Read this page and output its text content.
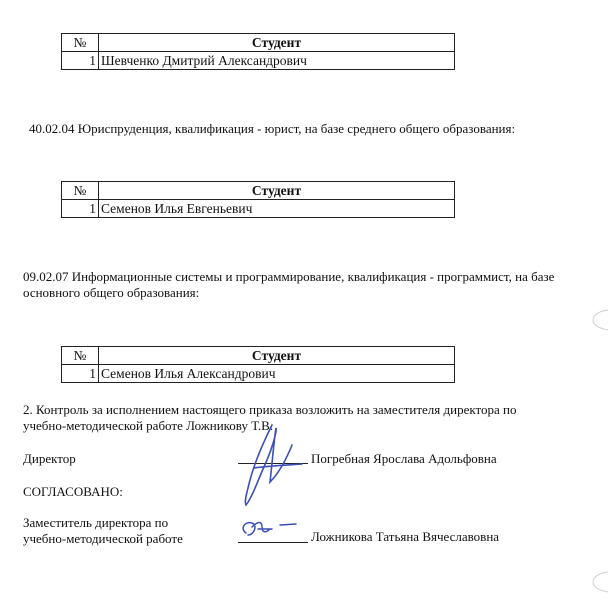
№	Студент
1	Шевченко Дмитрий Александрович

40.02.04 Юриспруденция, квалификация - юрист, на базе среднего общего образования:

№	Студент
1	Семенов Илья Евгеньевич

09.02.07 Информационные системы и программирование, квалификация - программист, на базе

основного общего образования:

№	Студент
1	Семенов Илья Александрович

2. Контроль за исполнением настоящего приказа возложить на заместителя директора по

учебно-методической работе Ложникову Т.В.

Директор	Погребная Ярослава Адольфовна

СОГЛАСОВАНО:

Заместитель директора по

учебно-методической работе	Ложникова Татьяна Вячеславовна
